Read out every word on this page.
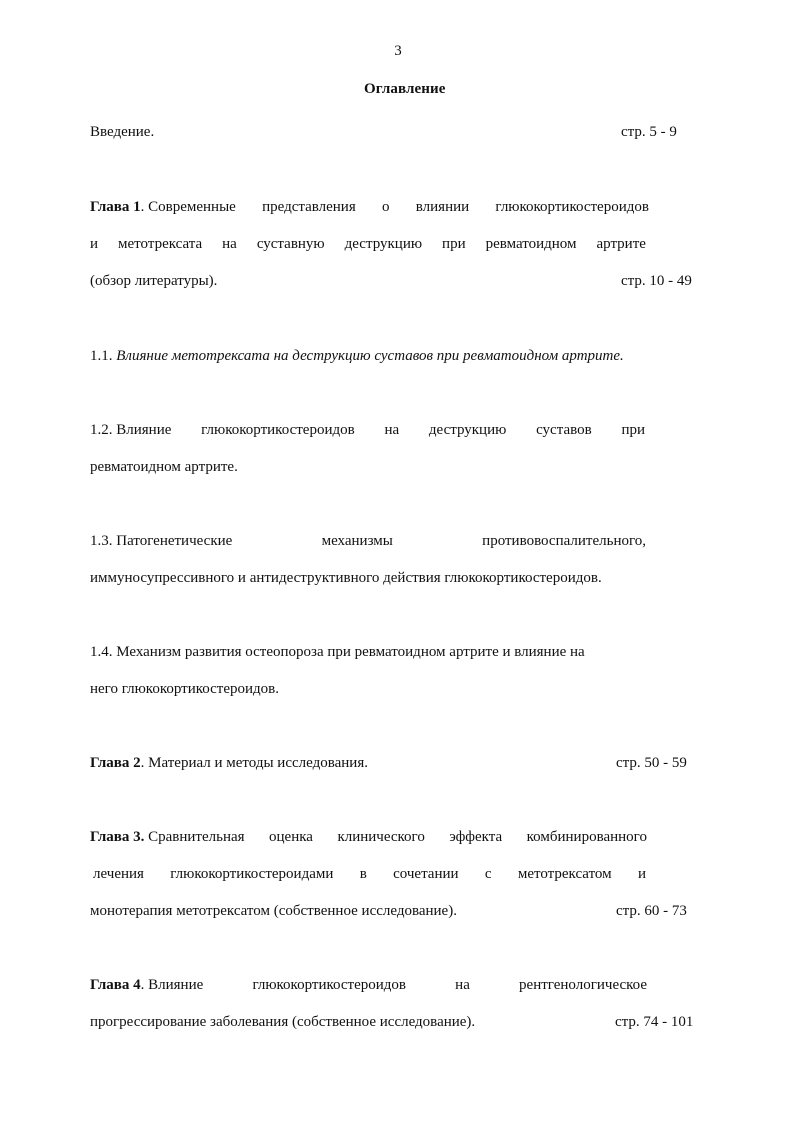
3
Оглавление
Введение.	стр. 5 - 9
Глава 1. Современные представления о влиянии глюкокортикостероидов
и метотрексата на суставную деструкцию при ревматоидном артрите
(обзор литературы).	стр. 10 - 49
1.1. Влияние метотрексата на деструкцию суставов при ревматоидном артрите.
1.2. Влияние глюкокортикостероидов на деструкцию суставов при
ревматоидном артрите.
1.3. Патогенетические	механизмы	противовоспалительного,
иммуносупрессивного и антидеструктивного действия глюкокортикостероидов.
1.4. Механизм развития остеопороза при ревматоидном артрите и влияние на
него глюкокортикостероидов.
Глава 2. Материал и методы исследования.	стр. 50 - 59
Глава 3. Сравнительная оценка клинического эффекта комбинированного
лечения глюкокортикостероидами в сочетании с метотрексатом и
монотерапия метотрексатом (собственное исследование).	стр. 60 - 73
Глава 4. Влияние	глюкокортикостероидов	на	рентгенологическое
прогрессирование заболевания (собственное исследование).	стр. 74 - 101
